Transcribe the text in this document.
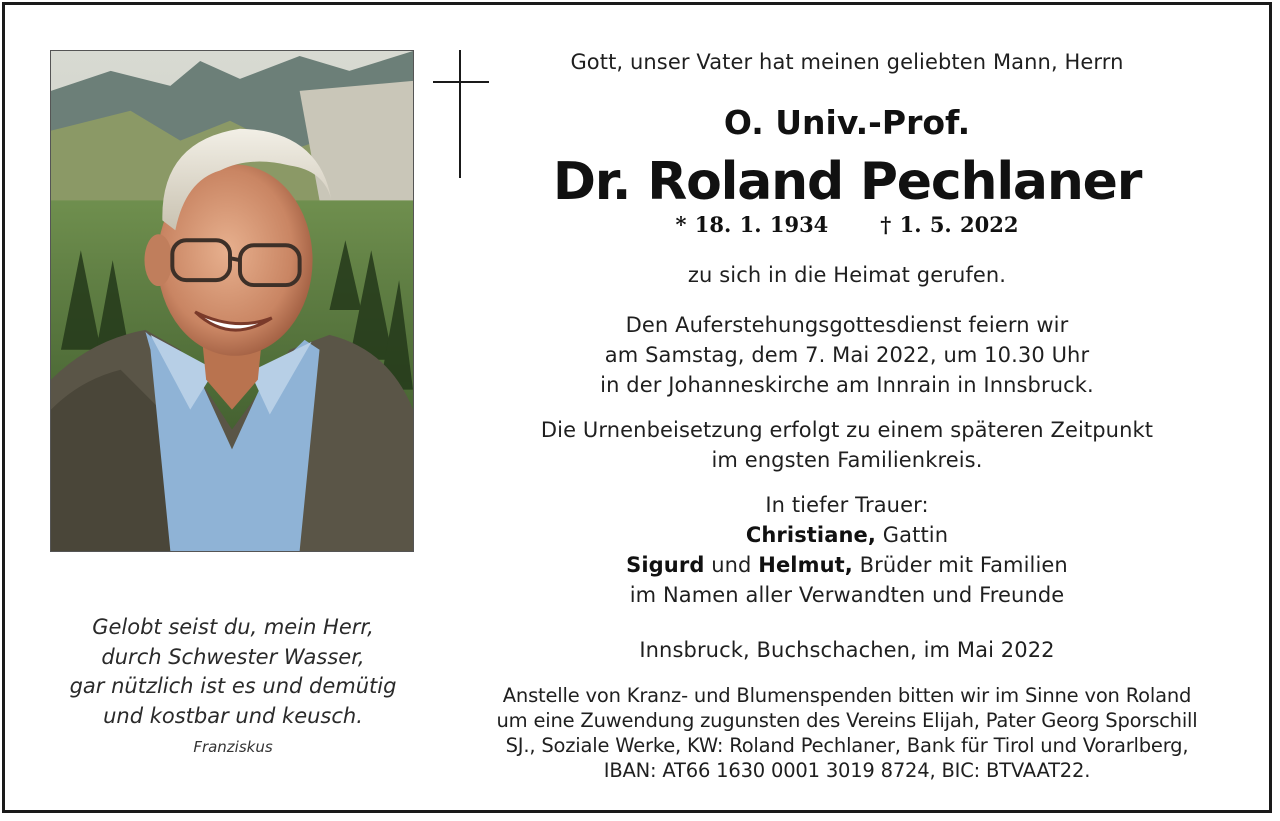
Gelobt seist du, mein Herr,
durch Schwester Wasser,
gar nützlich ist es und demütig
und kostbar und keusch.
Franziskus
Gott, unser Vater hat meinen geliebten Mann, Herrn
O. Univ.-Prof.
Dr. Roland Pechlaner
* 18. 1. 1934 † 1. 5. 2022
zu sich in die Heimat gerufen.
Den Auferstehungsgottesdienst feiern wir
am Samstag, dem 7. Mai 2022, um 10.30 Uhr
in der Johanneskirche am Innrain in Innsbruck.
Die Urnenbeisetzung erfolgt zu einem späteren Zeitpunkt
im engsten Familienkreis.
In tiefer Trauer:
Christiane, Gattin
Sigurd und Helmut, Brüder mit Familien
im Namen aller Verwandten und Freunde
Innsbruck, Buchschachen, im Mai 2022
Anstelle von Kranz- und Blumenspenden bitten wir im Sinne von Roland
um eine Zuwendung zugunsten des Vereins Elijah, Pater Georg Sporschill
SJ., Soziale Werke, KW: Roland Pechlaner, Bank für Tirol und Vorarlberg,
IBAN: AT66 1630 0001 3019 8724, BIC: BTVAAT22.
